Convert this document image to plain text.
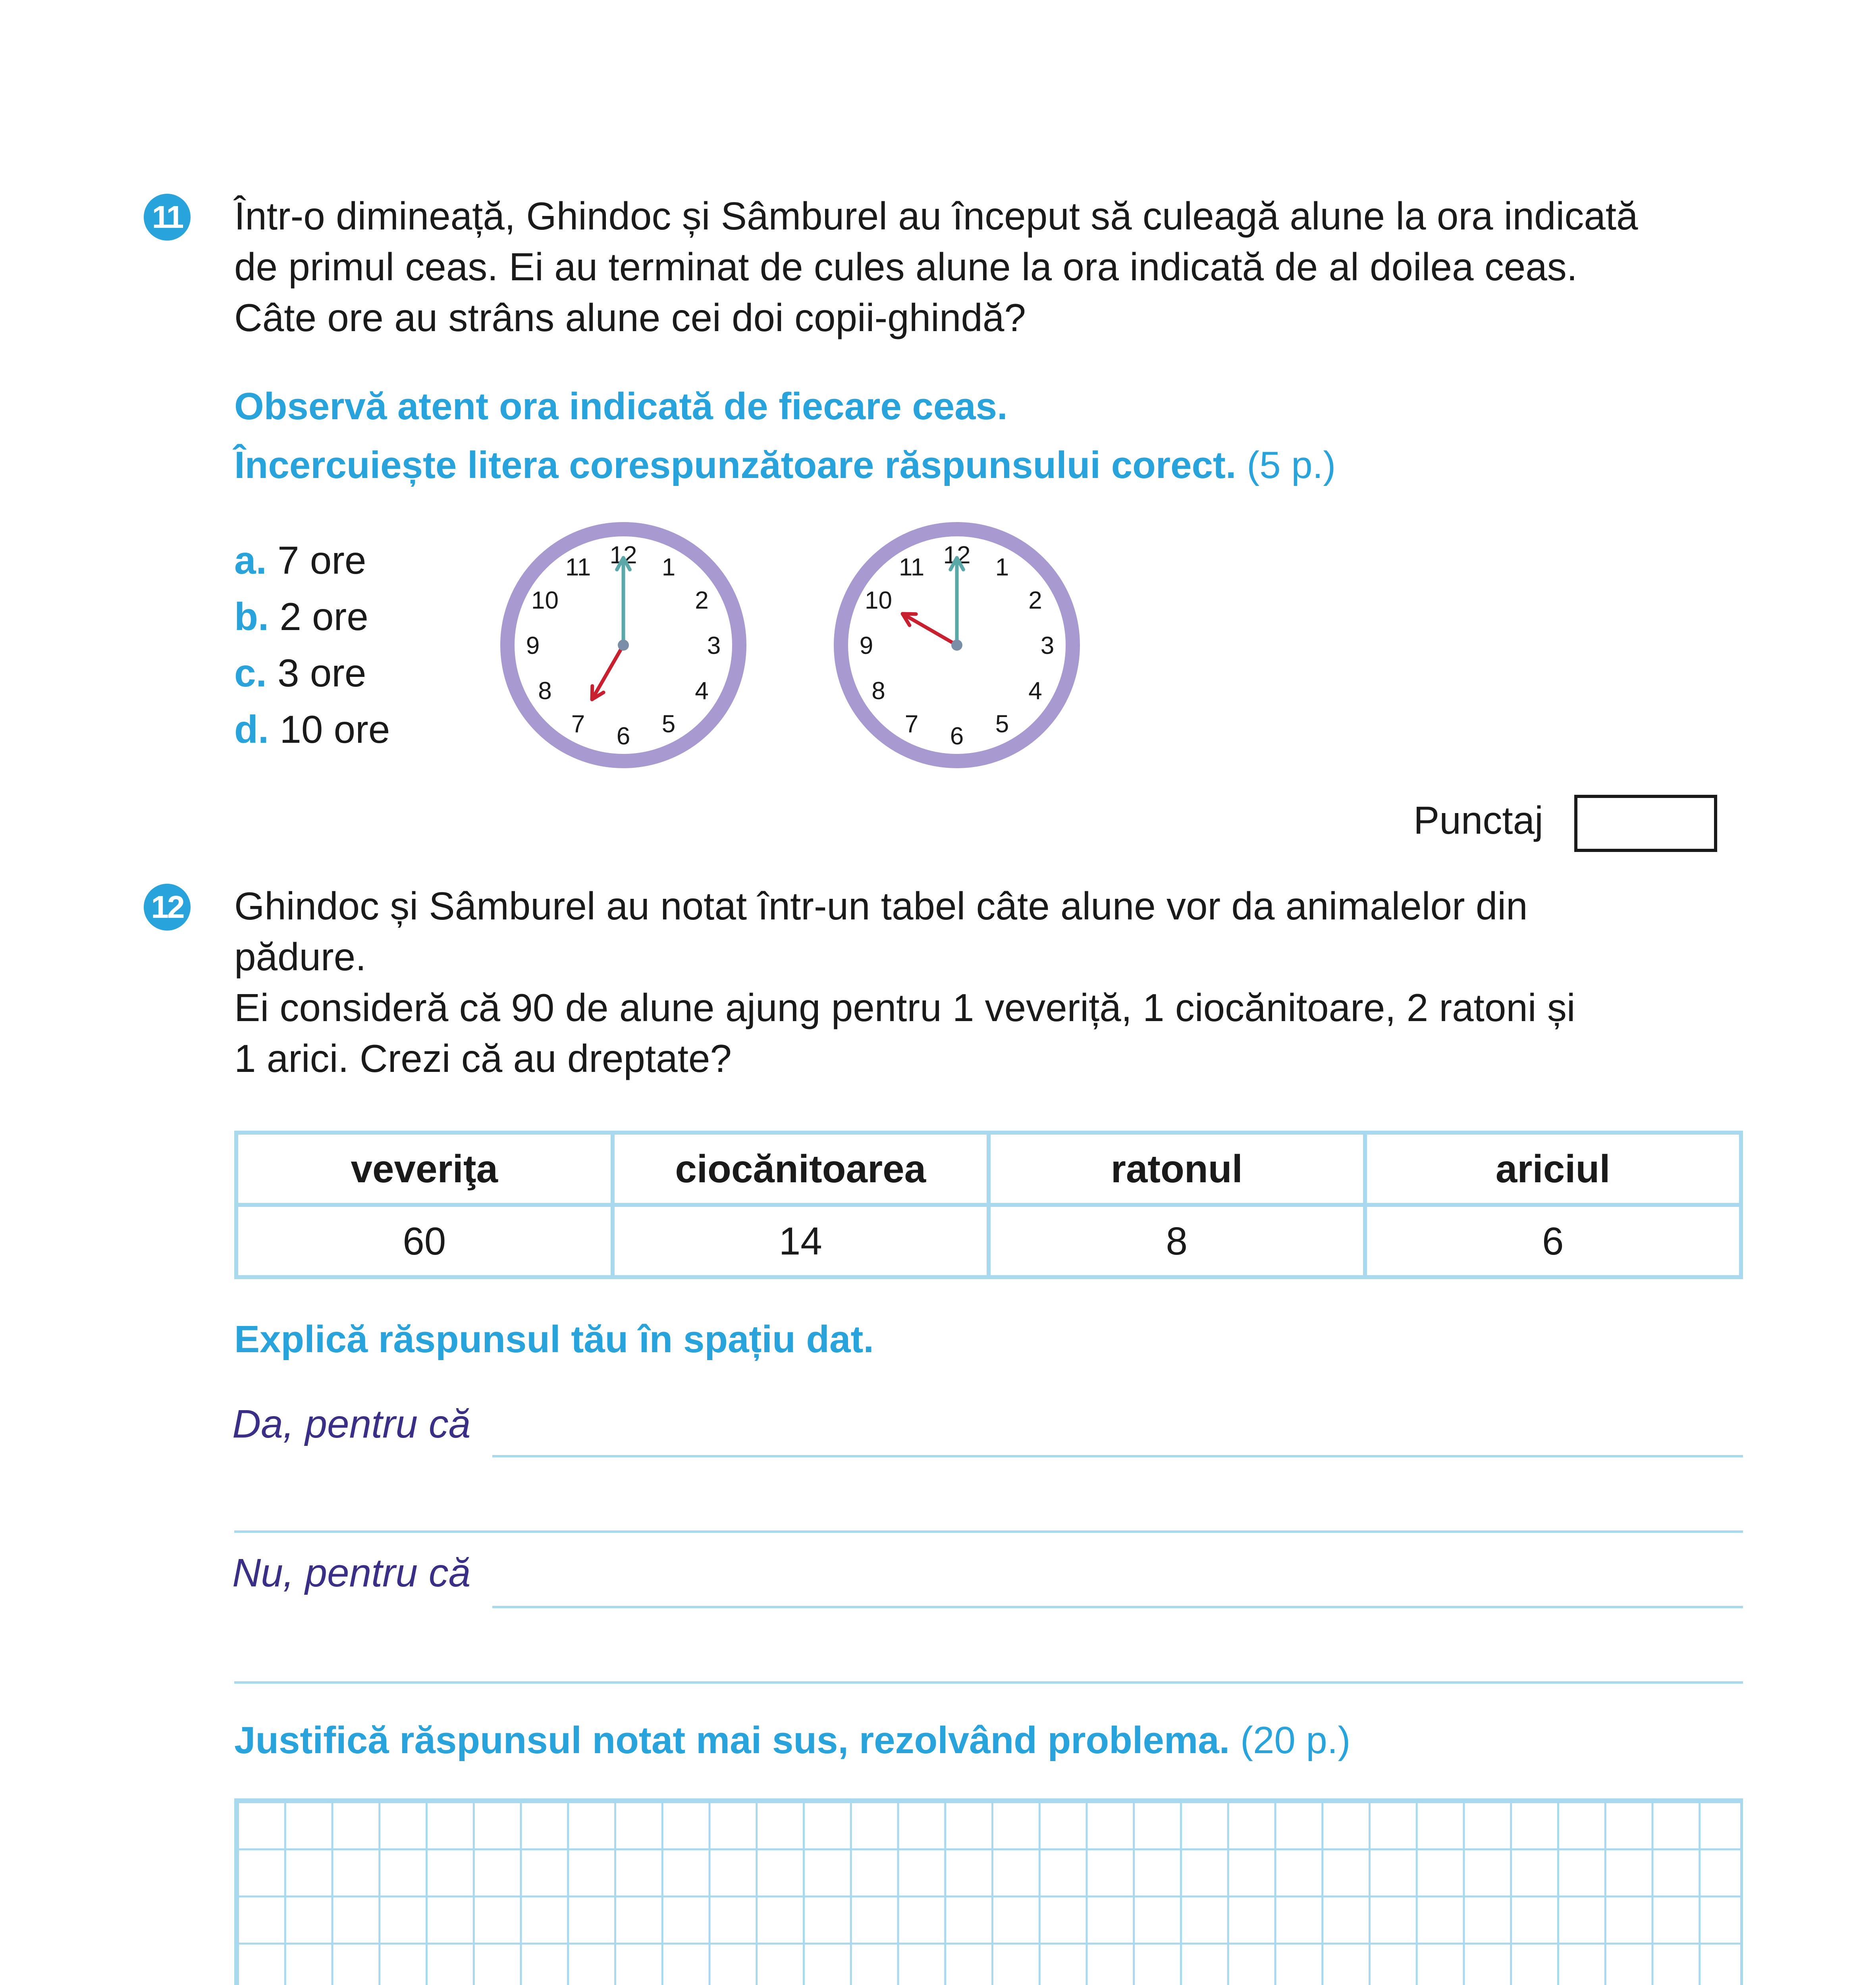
11 Într-o dimineață, Ghindoc și Sâmburel au început să culeagă alune la ora indicată
de primul ceas. Ei au terminat de cules alune la ora indicată de al doilea ceas.
Câte ore au strâns alune cei doi copii-ghindă?
Observă atent ora indicată de fiecare ceas.
Încercuiește litera corespunzătoare răspunsului corect. (5 p.)
a. 7 ore
b. 2 ore
c. 3 ore
d. 10 ore
12 1
2
3
4
5
6
7
8
9
10
11	12 1
2
3
4
5
6
7
8
9
10
11
Punctaj
12 Ghindoc și Sâmburel au notat într-un tabel câte alune vor da animalelor din
pădure.
Ei consideră că 90 de alune ajung pentru 1 veveriță, 1 ciocănitoare, 2 ratoni și
1 arici. Crezi că au dreptate?
veveriţa	ciocănitoarea	ratonul	ariciul
60	14	8	6
Explică răspunsul tău în spațiu dat.
Da, pentru că
Nu, pentru că
Justifică răspunsul notat mai sus, rezolvând problema. (20 p.)
